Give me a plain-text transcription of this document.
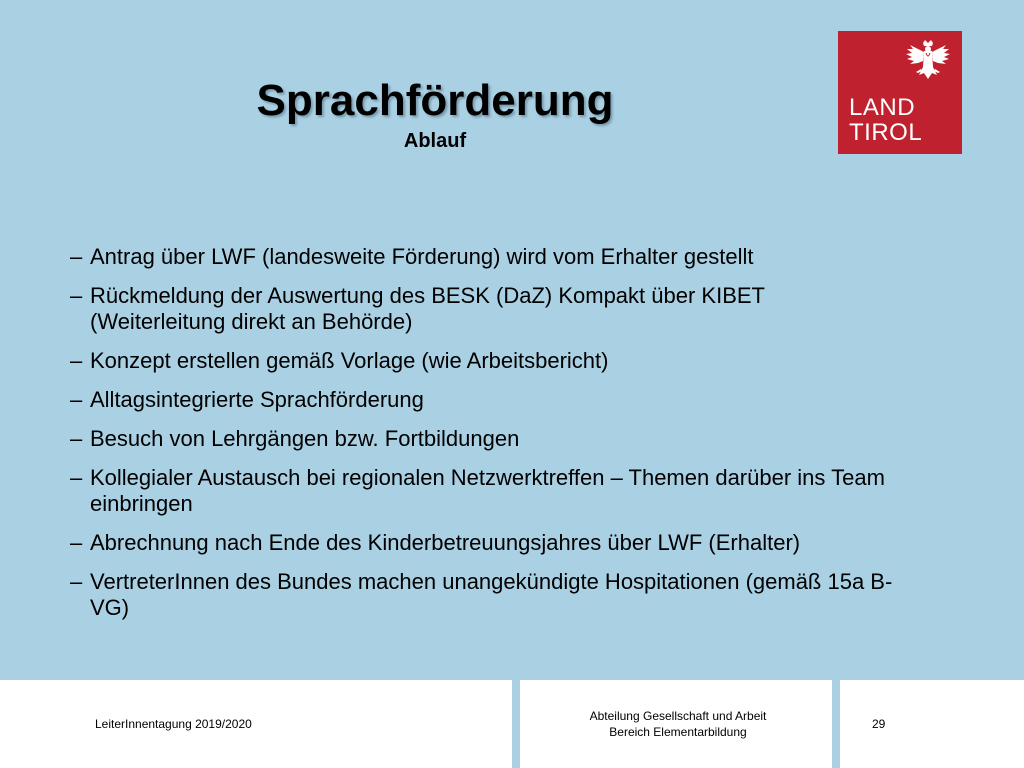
Sprachförderung
Ablauf
LAND
TIROL
– Antrag über LWF (landesweite Förderung) wird vom Erhalter gestellt
– Rückmeldung der Auswertung des BESK (DaZ) Kompakt über KIBET (Weiterleitung direkt an Behörde)
– Konzept erstellen gemäß Vorlage (wie Arbeitsbericht)
– Alltagsintegrierte Sprachförderung
– Besuch von Lehrgängen bzw. Fortbildungen
– Kollegialer Austausch bei regionalen Netzwerktreffen – Themen darüber ins Team einbringen
– Abrechnung nach Ende des Kinderbetreuungsjahres über LWF (Erhalter)
– VertreterInnen des Bundes machen unangekündigte Hospitationen (gemäß 15a B-VG)
LeiterInnentagung 2019/2020
Abteilung Gesellschaft und Arbeit
Bereich Elementarbildung
29
